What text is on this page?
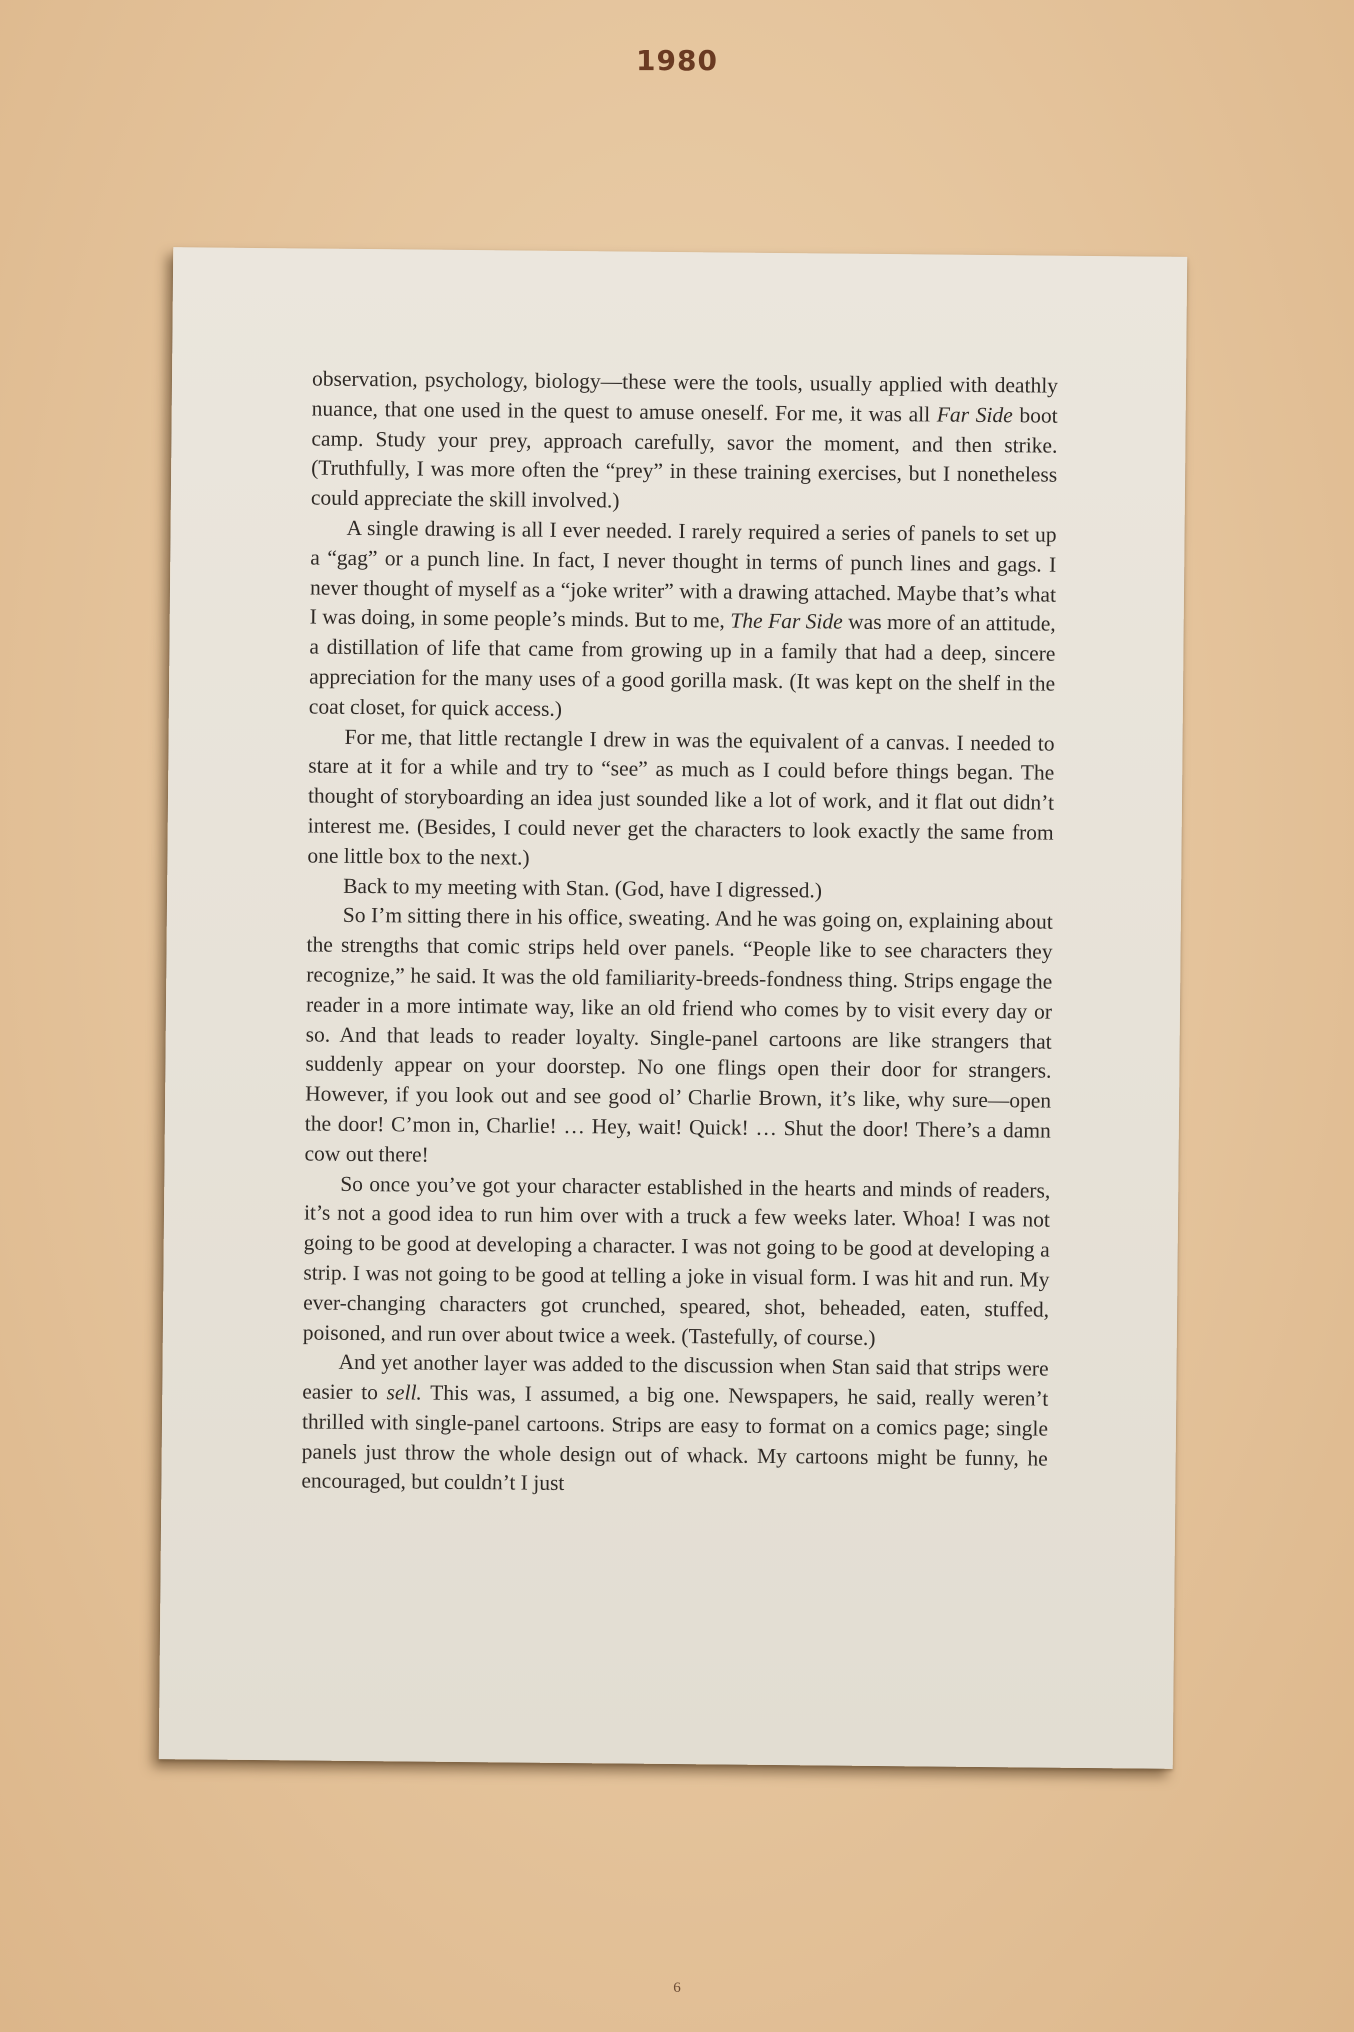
1980

observation, psychology, biology—these were the tools, usually applied with deathly nuance, that one used in the quest to amuse oneself. For me, it was all Far Side boot camp. Study your prey, approach carefully, savor the moment, and then strike. (Truthfully, I was more often the “prey” in these training exercises, but I nonetheless could appreciate the skill involved.)

A single drawing is all I ever needed. I rarely required a series of panels to set up a “gag” or a punch line. In fact, I never thought in terms of punch lines and gags. I never thought of myself as a “joke writer” with a drawing attached. Maybe that’s what I was doing, in some people’s minds. But to me, The Far Side was more of an attitude, a distillation of life that came from growing up in a family that had a deep, sincere appreciation for the many uses of a good gorilla mask. (It was kept on the shelf in the coat closet, for quick access.)

For me, that little rectangle I drew in was the equivalent of a canvas. I needed to stare at it for a while and try to “see” as much as I could before things began. The thought of storyboarding an idea just sounded like a lot of work, and it flat out didn’t interest me. (Besides, I could never get the characters to look exactly the same from one little box to the next.)

Back to my meeting with Stan. (God, have I digressed.)

So I’m sitting there in his office, sweating. And he was going on, explaining about the strengths that comic strips held over panels. “People like to see characters they recognize,” he said. It was the old familiarity-breeds-fondness thing. Strips engage the reader in a more intimate way, like an old friend who comes by to visit every day or so. And that leads to reader loyalty. Single-panel cartoons are like strangers that suddenly appear on your doorstep. No one flings open their door for strangers. However, if you look out and see good ol’ Charlie Brown, it’s like, why sure—open the door! C’mon in, Charlie! … Hey, wait! Quick! … Shut the door! There’s a damn cow out there!

So once you’ve got your character established in the hearts and minds of readers, it’s not a good idea to run him over with a truck a few weeks later. Whoa! I was not going to be good at developing a character. I was not going to be good at developing a strip. I was not going to be good at telling a joke in visual form. I was hit and run. My ever-changing characters got crunched, speared, shot, beheaded, eaten, stuffed, poisoned, and run over about twice a week. (Tastefully, of course.)

And yet another layer was added to the discussion when Stan said that strips were easier to sell. This was, I assumed, a big one. Newspapers, he said, really weren’t thrilled with single-panel cartoons. Strips are easy to format on a comics page; single panels just throw the whole design out of whack. My cartoons might be funny, he encouraged, but couldn’t I just

6
